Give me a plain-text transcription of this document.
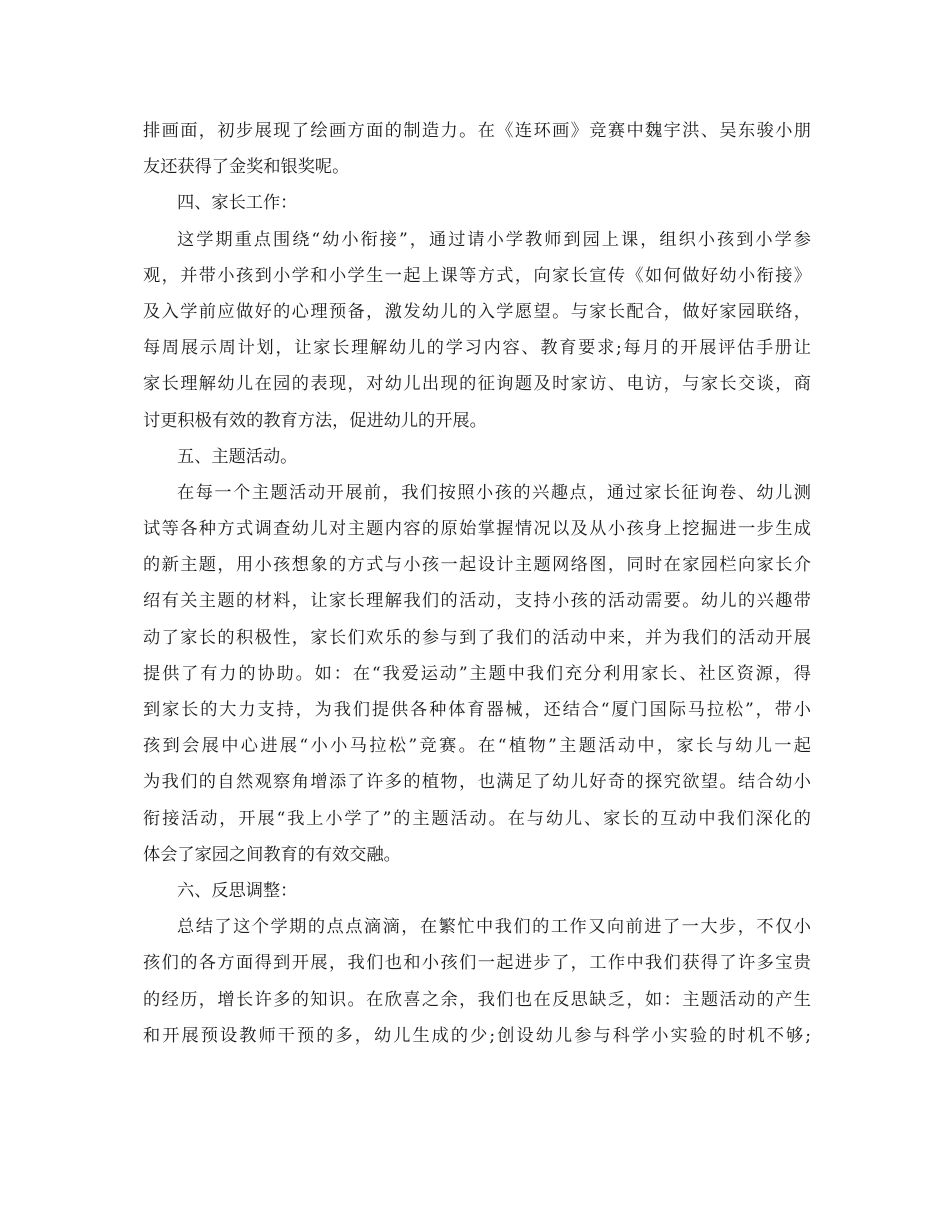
排画面，初步展现了绘画方面的制造力。在《连环画》竞赛中魏宇洪、吴东骏小朋
友还获得了金奖和银奖呢。
四、家长工作：
这学期重点围绕“幼小衔接”，通过请小学教师到园上课，组织小孩到小学参
观，并带小孩到小学和小学生一起上课等方式，向家长宣传《如何做好幼小衔接》
及入学前应做好的心理预备，激发幼儿的入学愿望。与家长配合，做好家园联络，
每周展示周计划，让家长理解幼儿的学习内容、教育要求;每月的开展评估手册让
家长理解幼儿在园的表现，对幼儿出现的征询题及时家访、电访，与家长交谈，商
讨更积极有效的教育方法，促进幼儿的开展。
五、主题活动。
在每一个主题活动开展前，我们按照小孩的兴趣点，通过家长征询卷、幼儿测
试等各种方式调查幼儿对主题内容的原始掌握情况以及从小孩身上挖掘进一步生成
的新主题，用小孩想象的方式与小孩一起设计主题网络图，同时在家园栏向家长介
绍有关主题的材料，让家长理解我们的活动，支持小孩的活动需要。幼儿的兴趣带
动了家长的积极性，家长们欢乐的参与到了我们的活动中来，并为我们的活动开展
提供了有力的协助。如：在“我爱运动”主题中我们充分利用家长、社区资源，得
到家长的大力支持，为我们提供各种体育器械，还结合“厦门国际马拉松”，带小
孩到会展中心进展“小小马拉松”竞赛。在“植物”主题活动中，家长与幼儿一起
为我们的自然观察角增添了许多的植物，也满足了幼儿好奇的探究欲望。结合幼小
衔接活动，开展“我上小学了”的主题活动。在与幼儿、家长的互动中我们深化的
体会了家园之间教育的有效交融。
六、反思调整：
总结了这个学期的点点滴滴，在繁忙中我们的工作又向前进了一大步，不仅小
孩们的各方面得到开展，我们也和小孩们一起进步了，工作中我们获得了许多宝贵
的经历，增长许多的知识。在欣喜之余，我们也在反思缺乏，如：主题活动的产生
和开展预设教师干预的多，幼儿生成的少;创设幼儿参与科学小实验的时机不够;
